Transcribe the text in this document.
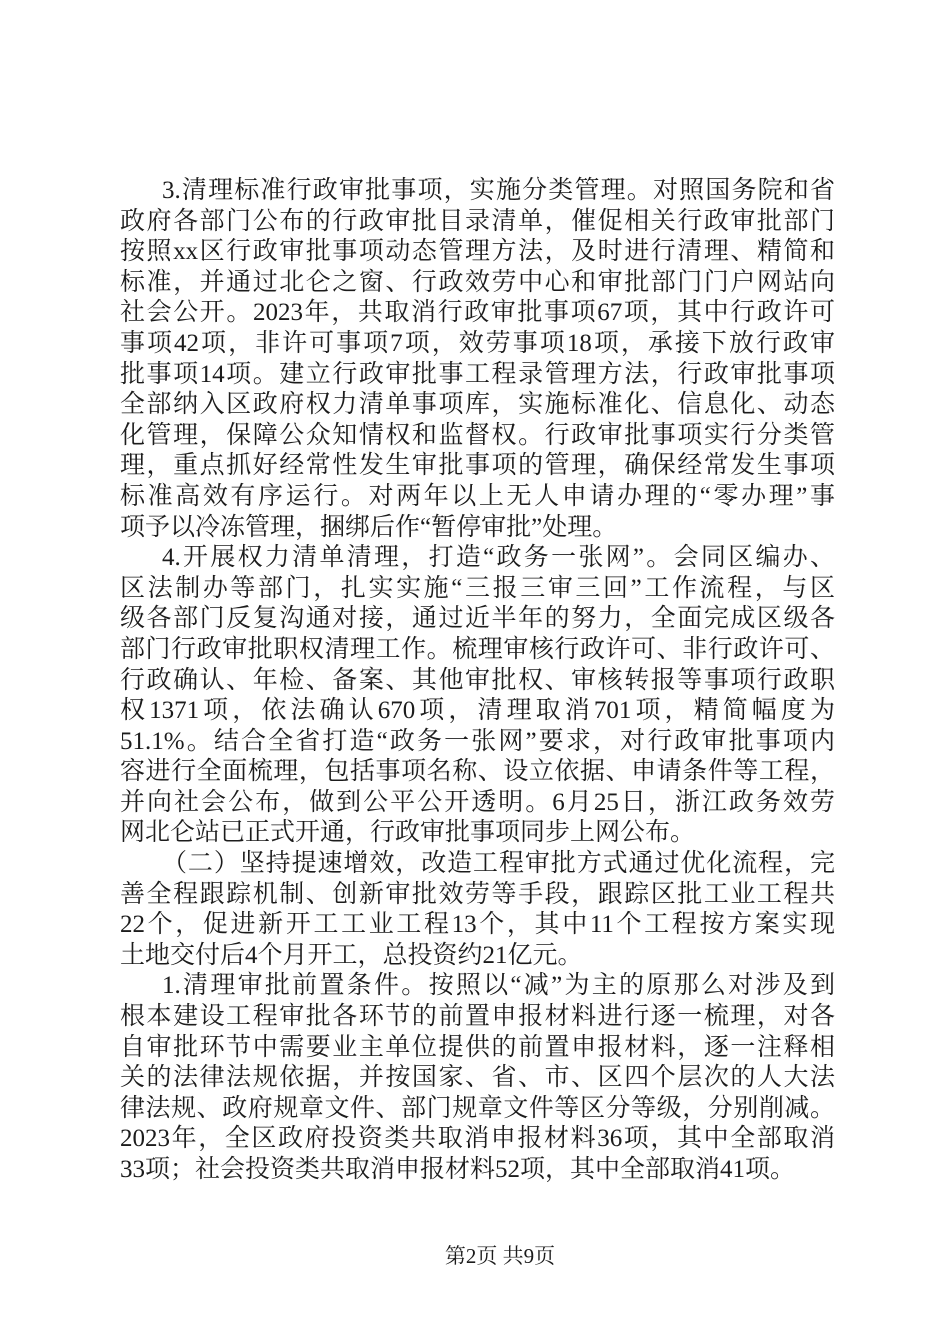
3.清理标准行政审批事项，实施分类管理。对照国务院和省
政府各部门公布的行政审批目录清单，催促相关行政审批部门
按照xx区行政审批事项动态管理方法，及时进行清理、精简和
标准，并通过北仑之窗、行政效劳中心和审批部门门户网站向
社会公开。2023年，共取消行政审批事项67项，其中行政许可
事项42项，非许可事项7项，效劳事项18项，承接下放行政审
批事项14项。建立行政审批事工程录管理方法，行政审批事项
全部纳入区政府权力清单事项库，实施标准化、信息化、动态
化管理，保障公众知情权和监督权。行政审批事项实行分类管
理，重点抓好经常性发生审批事项的管理，确保经常发生事项
标准高效有序运行。对两年以上无人申请办理的“零办理”事
项予以冷冻管理，捆绑后作“暂停审批”处理。
4.开展权力清单清理，打造“政务一张网”。会同区编办、
区法制办等部门，扎实实施“三报三审三回”工作流程，与区
级各部门反复沟通对接，通过近半年的努力，全面完成区级各
部门行政审批职权清理工作。梳理审核行政许可、非行政许可、
行政确认、年检、备案、其他审批权、审核转报等事项行政职
权1371项，依法确认670项，清理取消701项，精简幅度为
51.1%。结合全省打造“政务一张网”要求，对行政审批事项内
容进行全面梳理，包括事项名称、设立依据、申请条件等工程，
并向社会公布，做到公平公开透明。6月25日，浙江政务效劳
网北仑站已正式开通，行政审批事项同步上网公布。
（二）坚持提速增效，改造工程审批方式通过优化流程，完
善全程跟踪机制、创新审批效劳等手段，跟踪区批工业工程共
22个，促进新开工工业工程13个，其中11个工程按方案实现
土地交付后4个月开工，总投资约21亿元。
1.清理审批前置条件。按照以“减”为主的原那么对涉及到
根本建设工程审批各环节的前置申报材料进行逐一梳理，对各
自审批环节中需要业主单位提供的前置申报材料，逐一注释相
关的法律法规依据，并按国家、省、市、区四个层次的人大法
律法规、政府规章文件、部门规章文件等区分等级，分别削减。
2023年，全区政府投资类共取消申报材料36项，其中全部取消
33项；社会投资类共取消申报材料52项，其中全部取消41项。
第2页 共9页
